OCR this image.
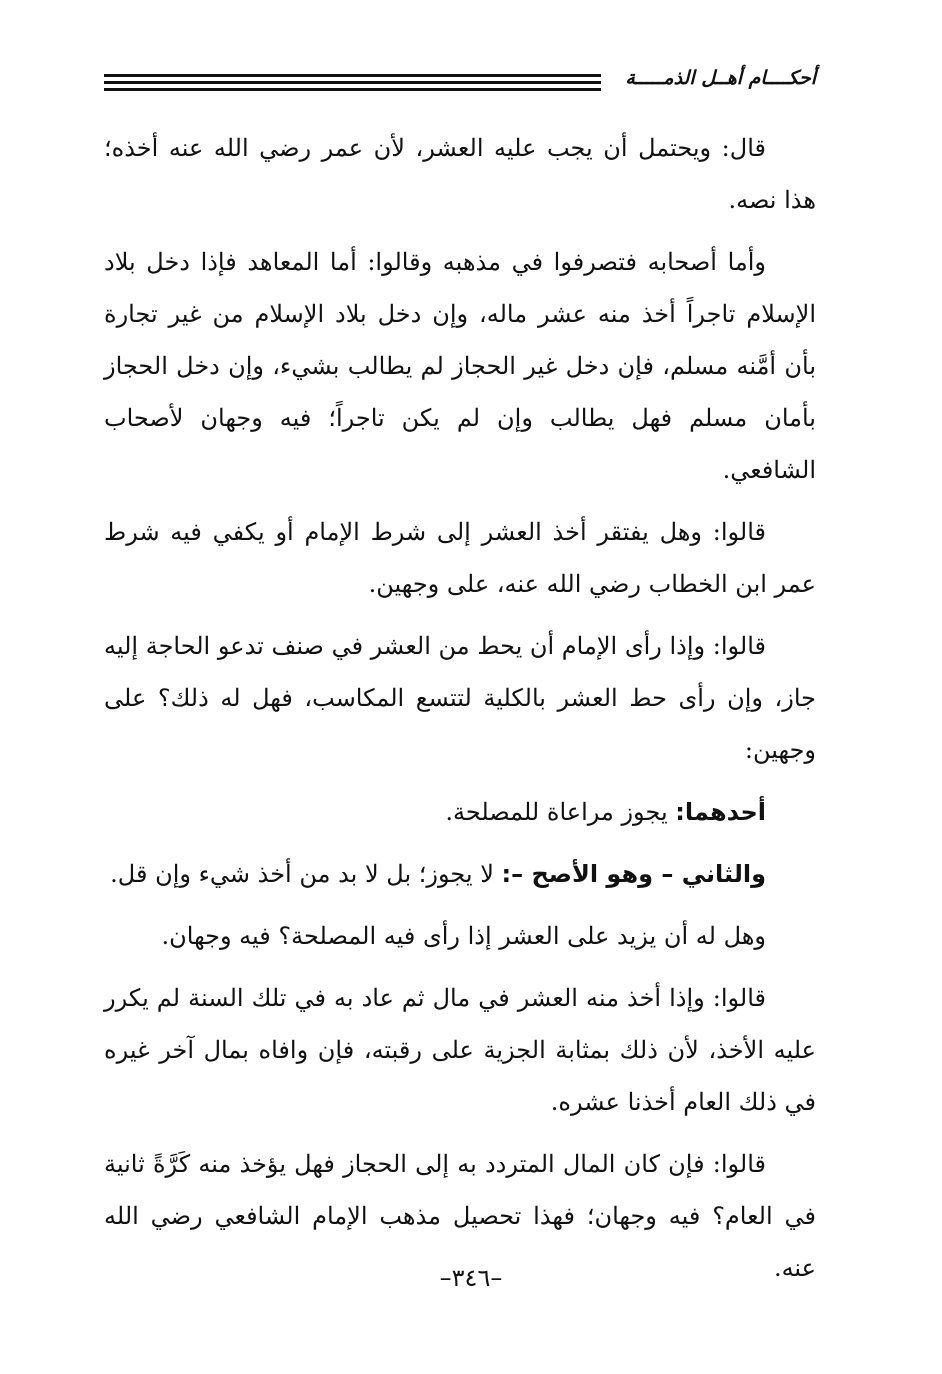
أحكــــام أهــل الذمـــــة

قال: ويحتمل أن يجب عليه العشر، لأن عمر رضي الله عنه أخذه؛ هذا نصه.

وأما أصحابه فتصرفوا في مذهبه وقالوا: أما المعاهد فإذا دخل بلاد الإسلام تاجراً أخذ منه عشر ماله، وإن دخل بلاد الإسلام من غير تجارة بأن أمَّنه مسلم، فإن دخل غير الحجاز لم يطالب بشيء، وإن دخل الحجاز بأمان مسلم فهل يطالب وإن لم يكن تاجراً؛ فيه وجهان لأصحاب الشافعي.

قالوا: وهل يفتقر أخذ العشر إلى شرط الإمام أو يكفي فيه شرط عمر ابن الخطاب رضي الله عنه، على وجهين.

قالوا: وإذا رأى الإمام أن يحط من العشر في صنف تدعو الحاجة إليه جاز، وإن رأى حط العشر بالكلية لتتسع المكاسب، فهل له ذلك؟ على وجهين:

أحدهما: يجوز مراعاة للمصلحة.

والثاني – وهو الأصح –: لا يجوز؛ بل لا بد من أخذ شيء وإن قل.

وهل له أن يزيد على العشر إذا رأى فيه المصلحة؟ فيه وجهان.

قالوا: وإذا أخذ منه العشر في مال ثم عاد به في تلك السنة لم يكرر عليه الأخذ، لأن ذلك بمثابة الجزية على رقبته، فإن وافاه بمال آخر غيره في ذلك العام أخذنا عشره.

قالوا: فإن كان المال المتردد به إلى الحجاز فهل يؤخذ منه كَرَّةً ثانية في العام؟ فيه وجهان؛ فهذا تحصيل مذهب الإمام الشافعي رضي الله عنه.

–٣٤٦–
